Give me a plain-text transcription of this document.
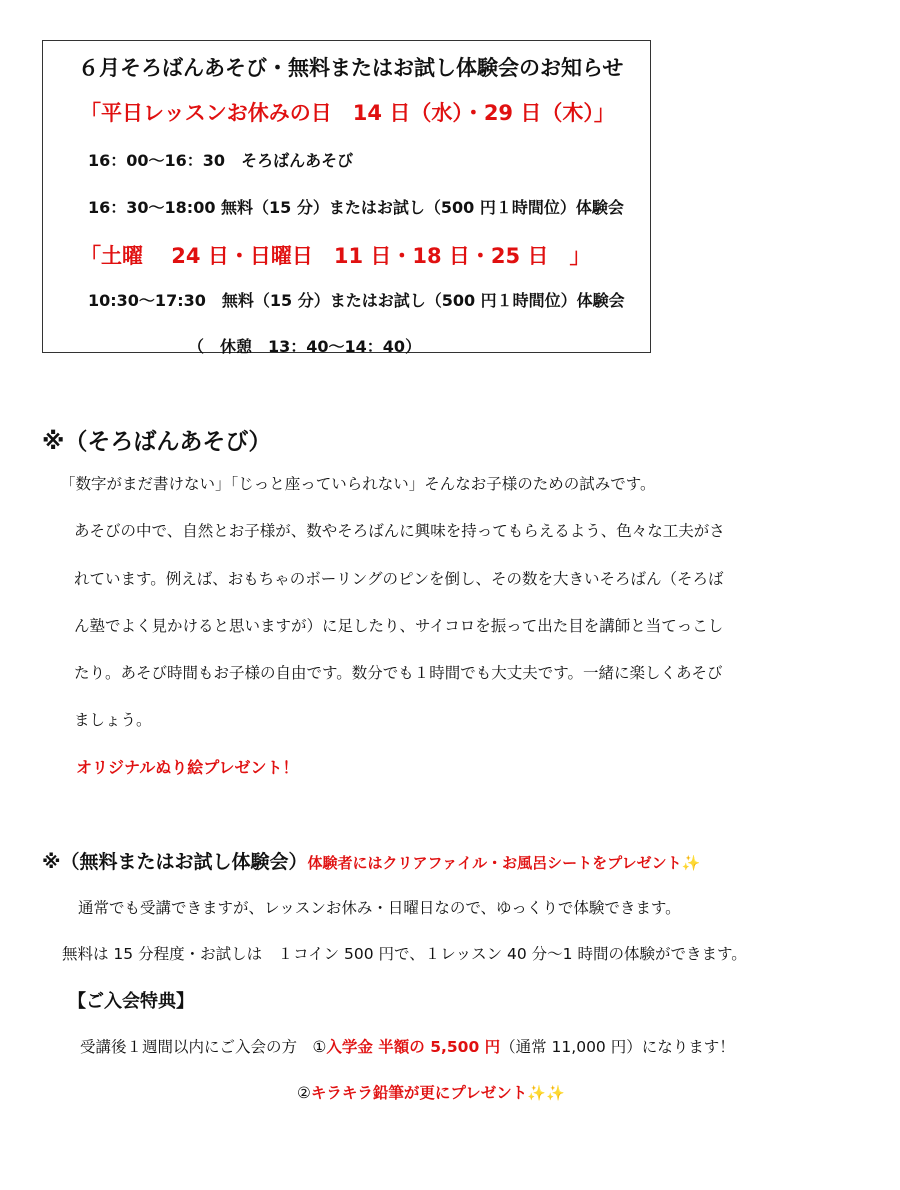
６月そろばんあそび・無料またはお試し体験会のお知らせ
「平日レッスンお休みの日　14 日（水）・29 日（木）」
16：00〜16：30　そろばんあそび
16：30〜18:00 無料（15 分）またはお試し（500 円１時間位）体験会
「土曜　 24 日・日曜日　11 日・18 日・25 日　」
10:30〜17:30　無料（15 分）またはお試し（500 円１時間位）体験会
（　休憩　13：40〜14：40）
※（そろばんあそび）
「数字がまだ書けない」「じっと座っていられない」そんなお子様のための試みです。
あそびの中で、自然とお子様が、数やそろばんに興味を持ってもらえるよう、色々な工夫がさ
れています。例えば、おもちゃのボーリングのピンを倒し、その数を大きいそろばん（そろば
ん塾でよく見かけると思いますが）に足したり、サイコロを振って出た目を講師と当てっこし
たり。あそび時間もお子様の自由です。数分でも１時間でも大丈夫です。一緒に楽しくあそび
ましょう。
オリジナルぬり絵プレゼント！
※（無料またはお試し体験会）体験者にはクリアファイル・お風呂シートをプレゼント✨
通常でも受講できますが、レッスンお休み・日曜日なので、ゆっくりで体験できます。
無料は 15 分程度・お試しは　１コイン 500 円で、１レッスン 40 分〜1 時間の体験ができます。
【ご入会特典】
受講後１週間以内にご入会の方　①入学金 半額の 5,500 円（通常 11,000 円）になります！
②キラキラ鉛筆が更にプレゼント✨✨
